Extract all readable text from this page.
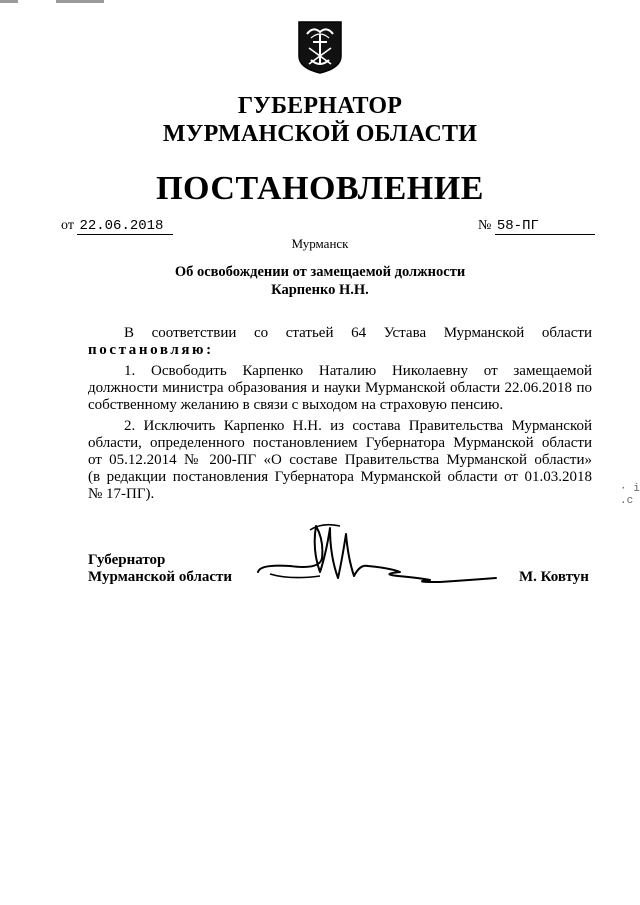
ГУБЕРНАТОР
МУРМАНСКОЙ ОБЛАСТИ
ПОСТАНОВЛЕНИЕ
от 22.06.2018	№ 58-ПГ
Мурманск
Об освобождении от замещаемой должности
Карпенко Н.Н.

В соответствии со статьей 64 Устава Мурманской области

постановляю:

1. Освободить Карпенко Наталию Николаевну от замещаемой

должности министра образования и науки Мурманской области 22.06.2018 по

собственному желанию в связи с выходом на страховую пенсию.

2. Исключить Карпенко Н.Н. из состава Правительства Мурманской

области, определенного постановлением Губернатора Мурманской области

от 05.12.2014 № 200-ПГ «О составе Правительства Мурманской области»

(в редакции постановления Губернатора Мурманской области от 01.03.2018

№ 17-ПГ).	· i .c
Губернатор
Мурманской области	М. Ковтун
